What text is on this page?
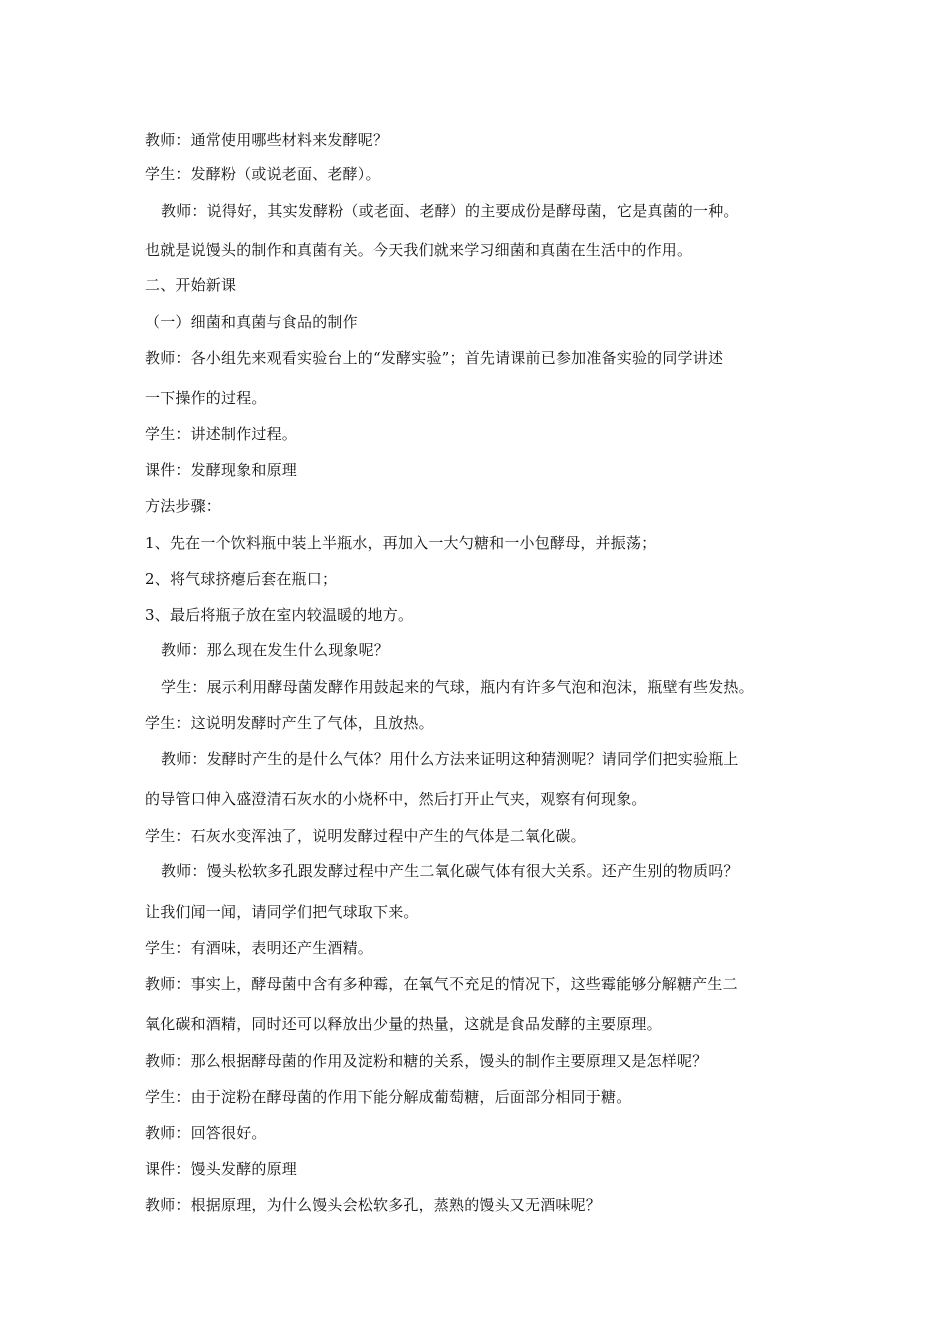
教师：通常使用哪些材料来发酵呢？
学生：发酵粉（或说老面、老酵）。
教师：说得好，其实发酵粉（或老面、老酵）的主要成份是酵母菌，它是真菌的一种。
也就是说馒头的制作和真菌有关。今天我们就来学习细菌和真菌在生活中的作用。
二、开始新课
（一）细菌和真菌与食品的制作
教师：各小组先来观看实验台上的“发酵实验”；首先请课前已参加准备实验的同学讲述
一下操作的过程。
学生：讲述制作过程。
课件：发酵现象和原理
方法步骤：
1、先在一个饮料瓶中装上半瓶水，再加入一大勺糖和一小包酵母，并振荡；
2、将气球挤瘪后套在瓶口；
3、最后将瓶子放在室内较温暖的地方。
教师：那么现在发生什么现象呢？
学生：展示利用酵母菌发酵作用鼓起来的气球，瓶内有许多气泡和泡沫，瓶壁有些发热。
学生：这说明发酵时产生了气体，且放热。
教师：发酵时产生的是什么气体？用什么方法来证明这种猜测呢？请同学们把实验瓶上
的导管口伸入盛澄清石灰水的小烧杯中，然后打开止气夹，观察有何现象。
学生：石灰水变浑浊了，说明发酵过程中产生的气体是二氧化碳。
教师：馒头松软多孔跟发酵过程中产生二氧化碳气体有很大关系。还产生别的物质吗？
让我们闻一闻，请同学们把气球取下来。
学生：有酒味，表明还产生酒精。
教师：事实上，酵母菌中含有多种霉，在氧气不充足的情况下，这些霉能够分解糖产生二
氧化碳和酒精，同时还可以释放出少量的热量，这就是食品发酵的主要原理。
教师：那么根据酵母菌的作用及淀粉和糖的关系，馒头的制作主要原理又是怎样呢？
学生：由于淀粉在酵母菌的作用下能分解成葡萄糖，后面部分相同于糖。
教师：回答很好。
课件：馒头发酵的原理
教师：根据原理，为什么馒头会松软多孔，蒸熟的馒头又无酒味呢？
